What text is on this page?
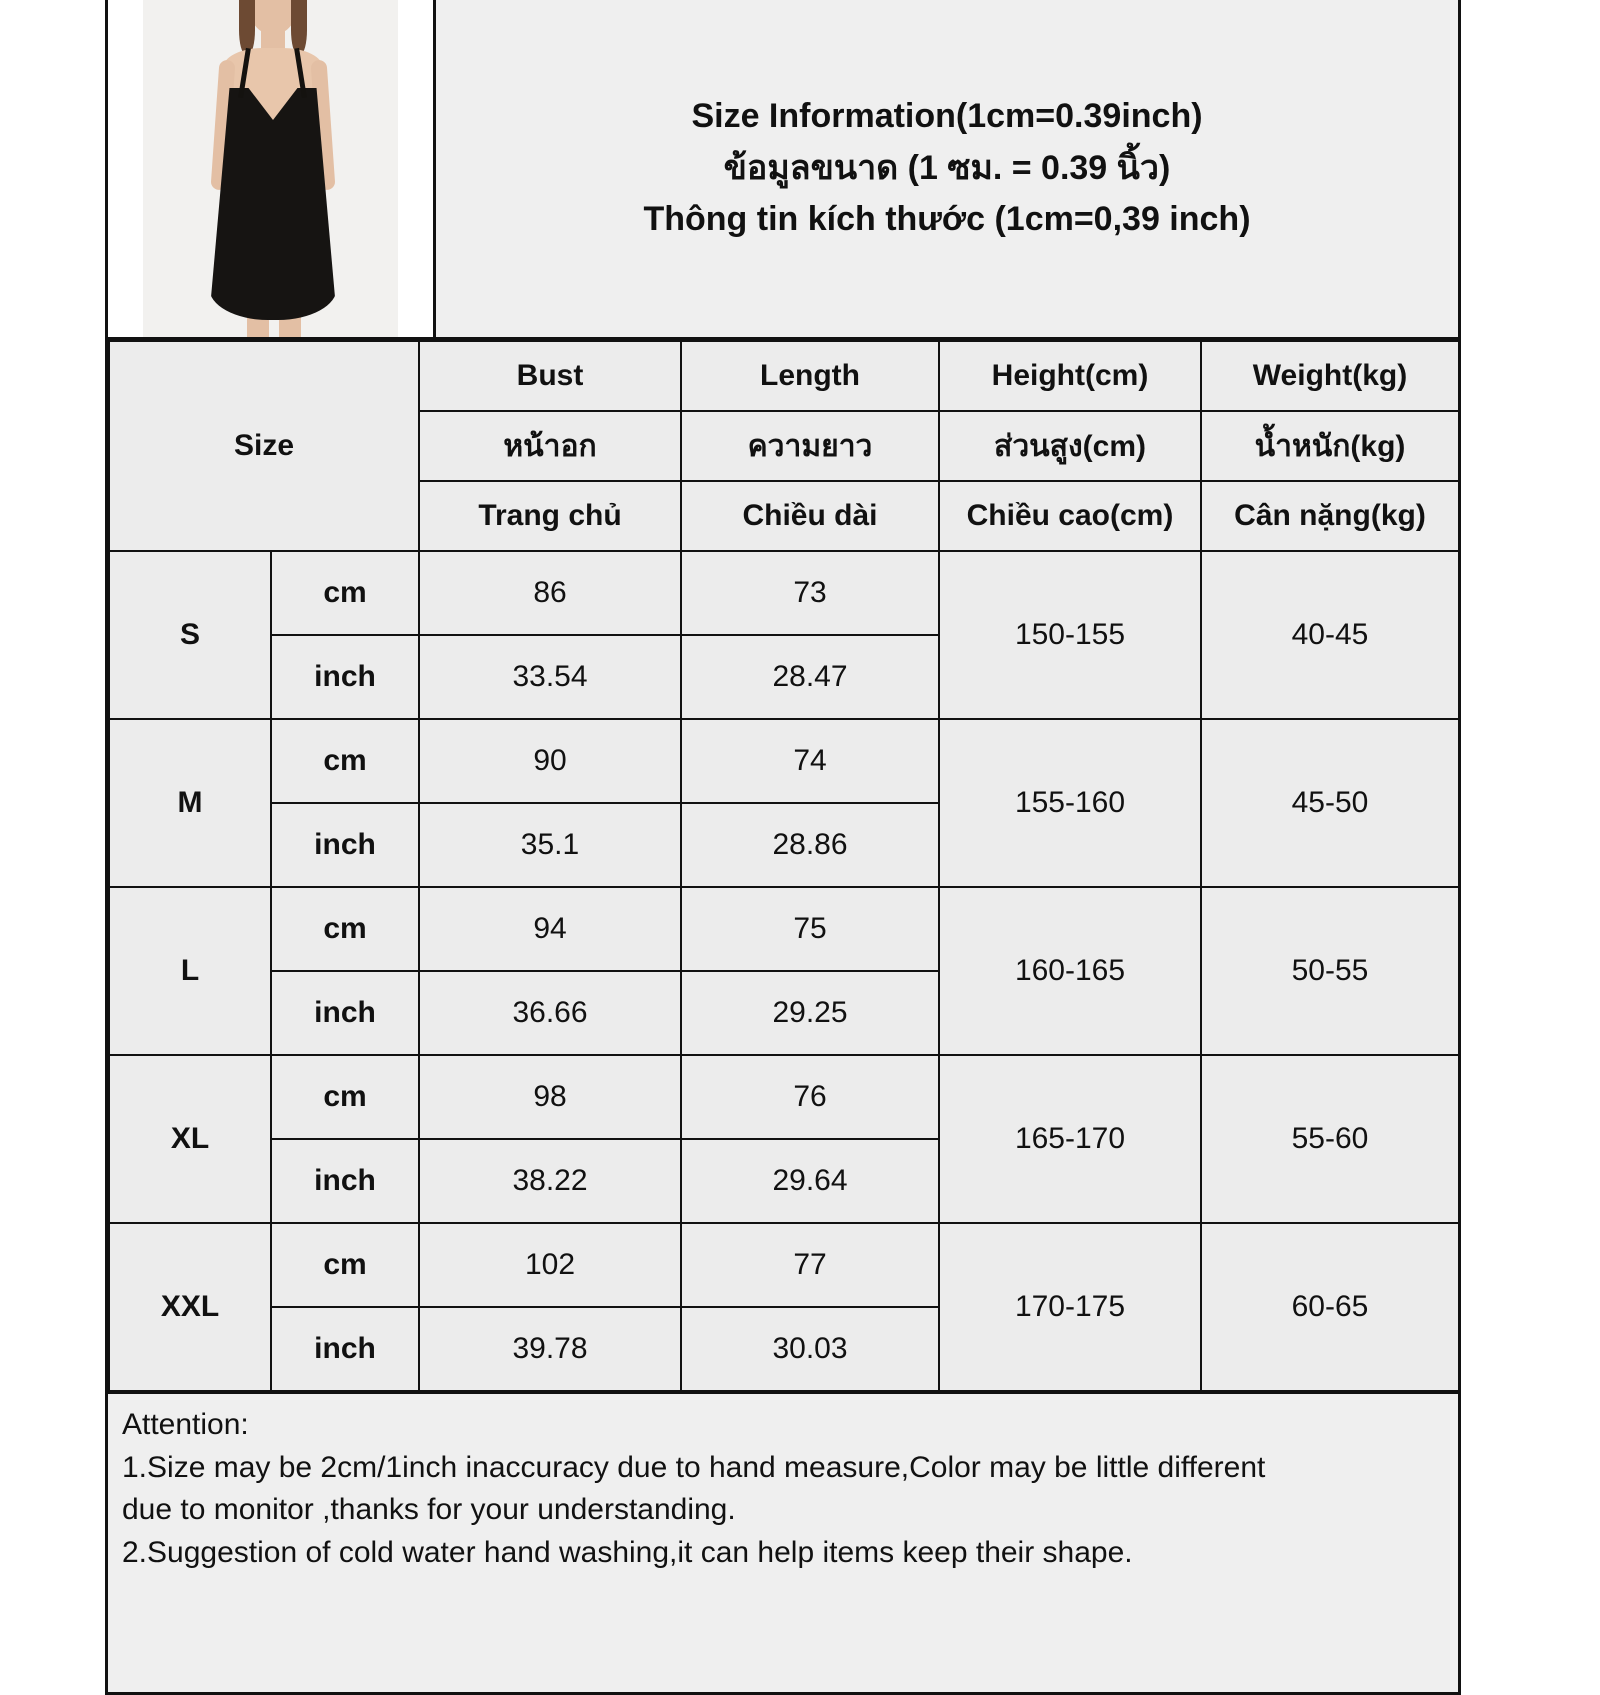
Size Information(1cm=0.39inch)
ข้อมูลขนาด (1 ซม. = 0.39 นิ้ว)
Thông tin kích thước (1cm=0,39 inch)
Size		Bust	Length	Height(cm)	Weight(kg)
		หน้าอก	ความยาว	ส่วนสูง(cm)	น้ำหนัก(kg)
		Trang chủ	Chiều dài	Chiều cao(cm)	Cân nặng(kg)
S	cm	86	73	150-155	40-45
	inch	33.54	28.47		
M	cm	90	74	155-160	45-50
	inch	35.1	28.86		
L	cm	94	75	160-165	50-55
	inch	36.66	29.25		
XL	cm	98	76	165-170	55-60
	inch	38.22	29.64		
XXL	cm	102	77	170-175	60-65
	inch	39.78	30.03		

Attention:

1.Size may be 2cm/1inch inaccuracy due to hand measure,Color may be little different

due to monitor ,thanks for your understanding.

2.Suggestion of cold water hand washing,it can help items keep their shape.
